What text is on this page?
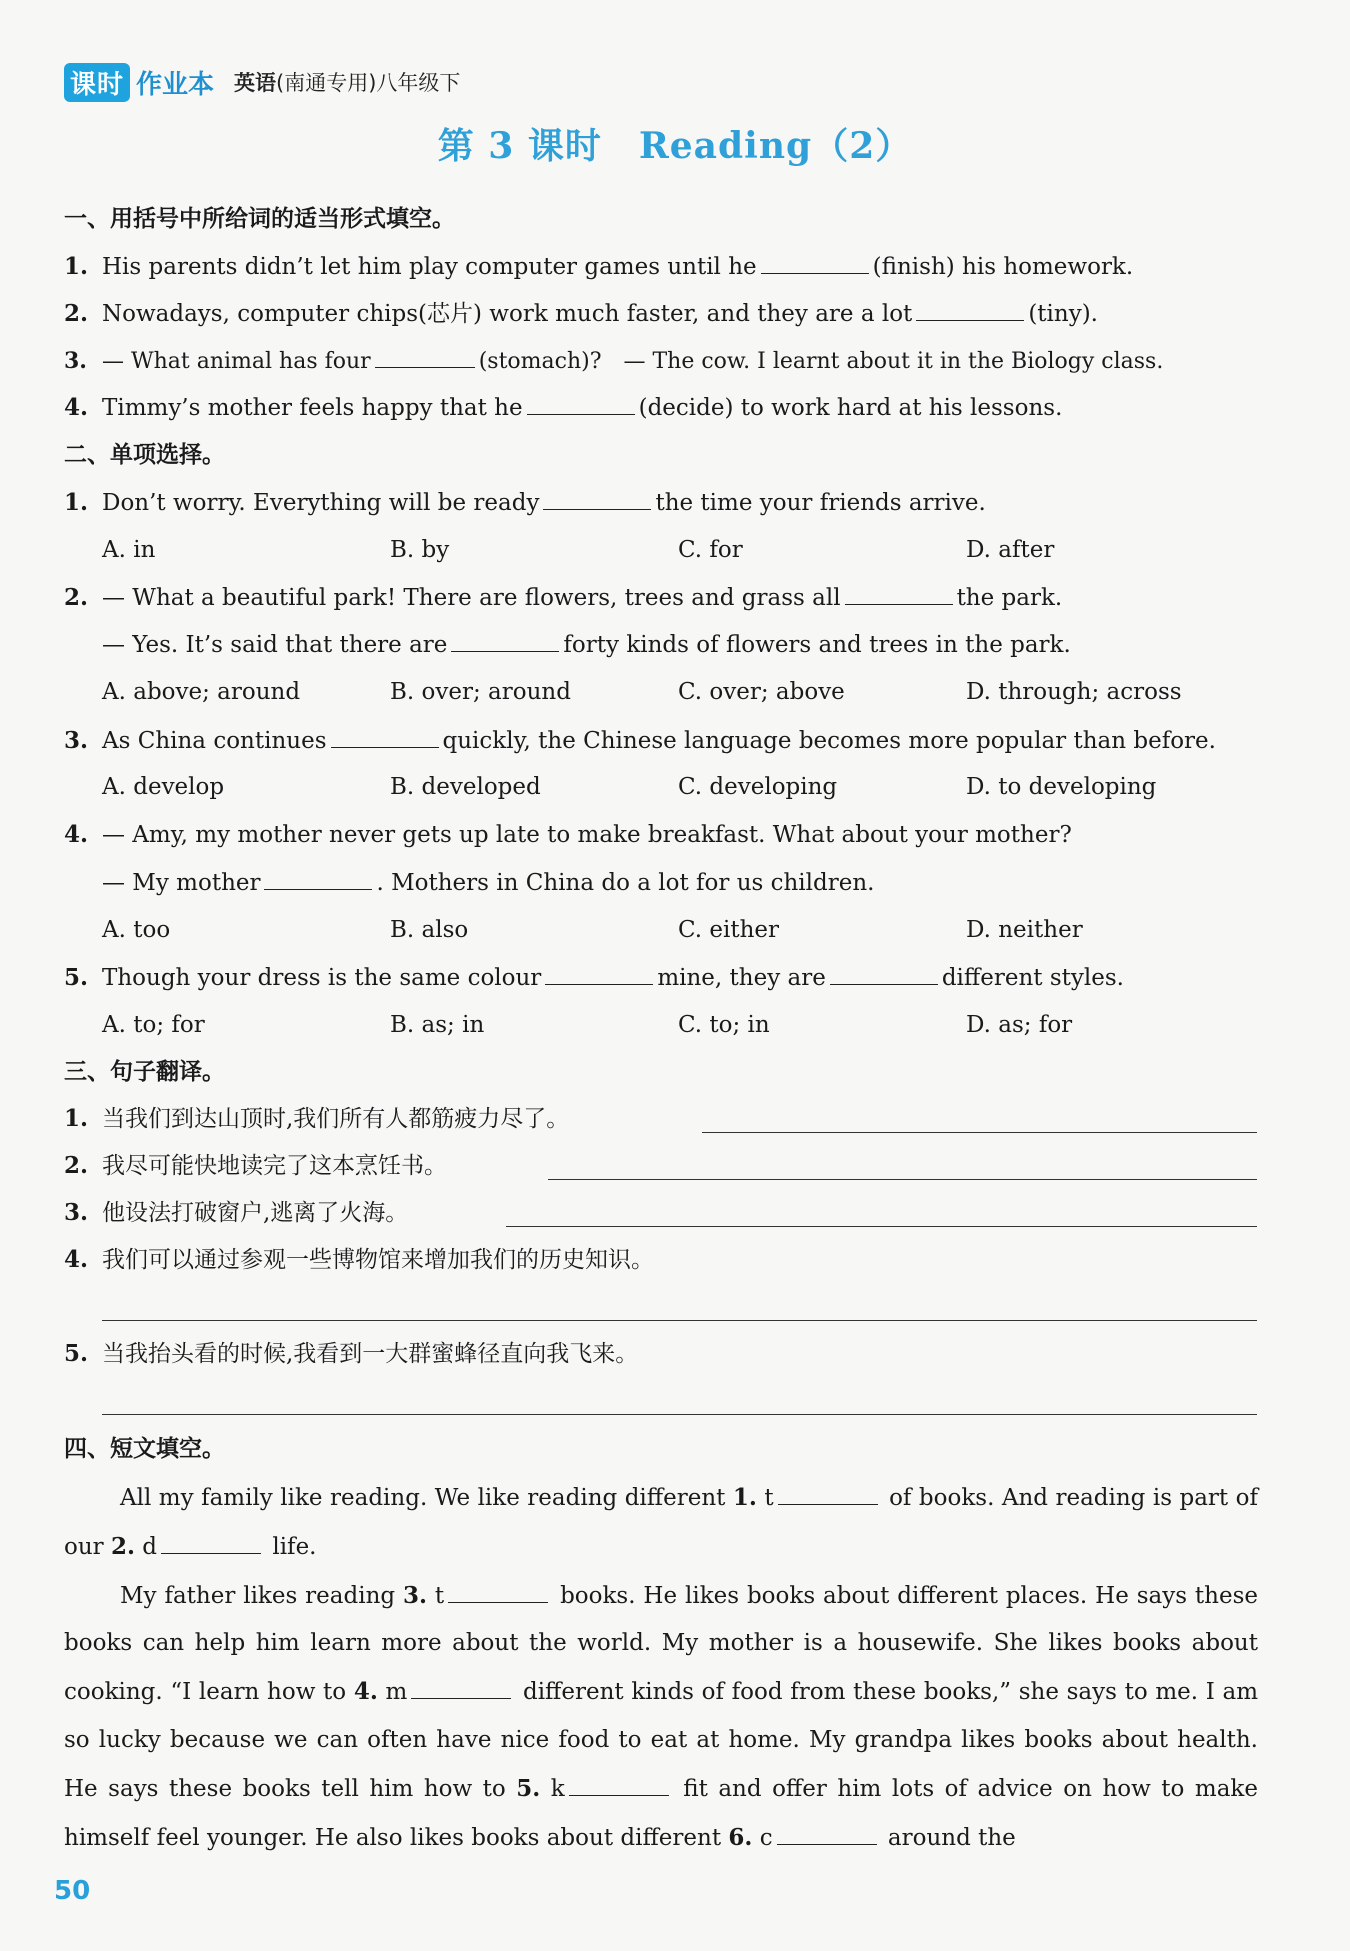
课时 作业本 英语(南通专用)八年级下
第 3 课时　Reading（2）
一、用括号中所给词的适当形式填空。
1. His parents didn’t let him play computer games until he	(finish) his homework.
2. Nowadays, computer chips(芯片) work much faster, and they are a lot	(tiny).
3. — What animal has four	(stomach)?　— The cow. I learnt about it in the Biology class.
4. Timmy’s mother feels happy that he	(decide) to work hard at his lessons.
二、单项选择。
1. Don’t worry. Everything will be ready	the time your friends arrive.
A. in	B. by	C. for	D. after
2. — What a beautiful park! There are flowers, trees and grass all	the park.
— Yes. It’s said that there are	forty kinds of flowers and trees in the park.
A. above; around	B. over; around	C. over; above	D. through; across
3. As China continues	quickly, the Chinese language becomes more popular than before.
A. develop	B. developed	C. developing	D. to developing
4. — Amy, my mother never gets up late to make breakfast. What about your mother?
— My mother	. Mothers in China do a lot for us children.
A. too	B. also	C. either	D. neither
5. Though your dress is the same colour	mine, they are	different styles.
A. to; for	B. as; in	C. to; in	D. as; for
三、句子翻译。
1. 当我们到达山顶时,我们所有人都筋疲力尽了。
2. 我尽可能快地读完了这本烹饪书。
3. 他设法打破窗户,逃离了火海。
4. 我们可以通过参观一些博物馆来增加我们的历史知识。
5. 当我抬头看的时候,我看到一大群蜜蜂径直向我飞来。
四、短文填空。

All my family like reading. We like reading different 1. t	of books. And reading is part of our 2. d	life.

My father likes reading 3. t	books. He likes books about different places. He says these books can help him learn more about the world. My mother is a housewife. She likes books about cooking. “I learn how to 4. m	different kinds of food from these books,” she says to me. I am so lucky because we can often have nice food to eat at home. My grandpa likes books about health. He says these books tell him how to 5. k	fit and offer him lots of advice on how to make himself feel younger. He also likes books about different 6. c	around the

50
